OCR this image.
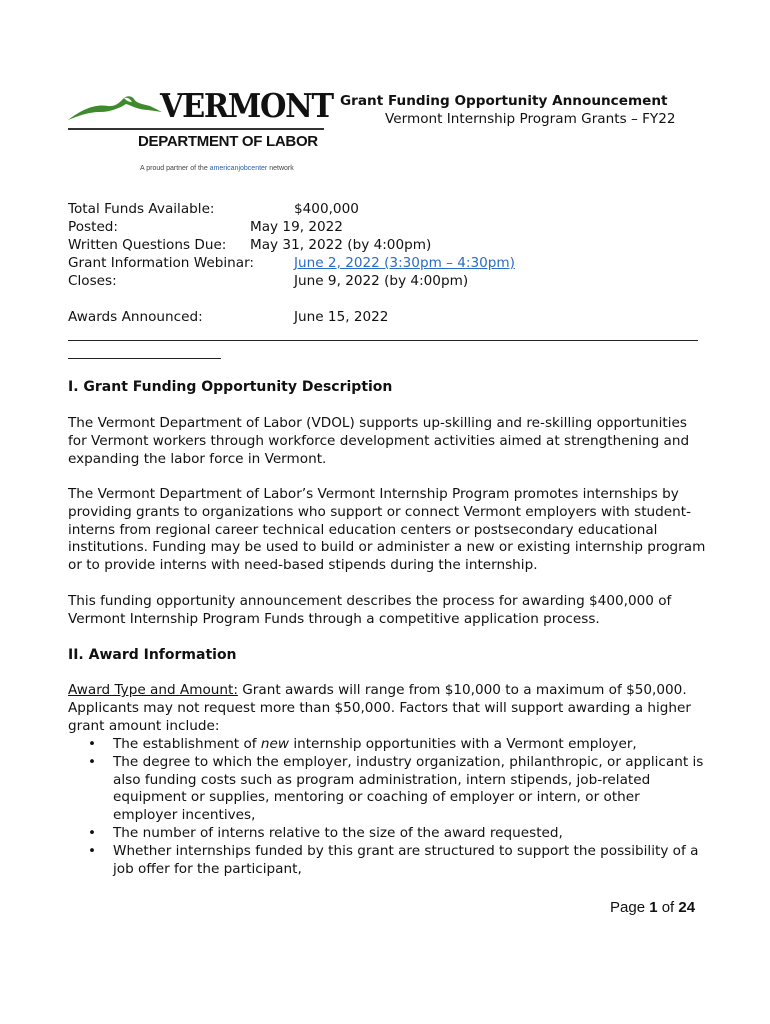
VERMONT
DEPARTMENT OF LABOR
A proud partner of the americanjobcenter network
Grant Funding Opportunity Announcement
Vermont Internship Program Grants – FY22
Total Funds Available:	$400,000
Posted:	May 19, 2022
Written Questions Due: May 31, 2022 (by 4:00pm)
Grant Information Webinar:	June 2, 2022 (3:30pm – 4:30pm)
Closes:	June 9, 2022 (by 4:00pm)
Awards Announced:	June 15, 2022
I. Grant Funding Opportunity Description

The Vermont Department of Labor (VDOL) supports up-skilling and re-skilling opportunities for Vermont workers through workforce development activities aimed at strengthening and expanding the labor force in Vermont.

The Vermont Department of Labor’s Vermont Internship Program promotes internships by providing grants to organizations who support or connect Vermont employers with student-interns from regional career technical education centers or postsecondary educational institutions. Funding may be used to build or administer a new or existing internship program or to provide interns with need-based stipends during the internship.

This funding opportunity announcement describes the process for awarding $400,000 of Vermont Internship Program Funds through a competitive application process.

II. Award Information

Award Type and Amount: Grant awards will range from $10,000 to a maximum of $50,000. Applicants may not request more than $50,000. Factors that will support awarding a higher grant amount include:

• The establishment of new internship opportunities with a Vermont employer,
• The degree to which the employer, industry organization, philanthropic, or applicant is also funding costs such as program administration, intern stipends, job-related equipment or supplies, mentoring or coaching of employer or intern, or other employer incentives,
• The number of interns relative to the size of the award requested,
• Whether internships funded by this grant are structured to support the possibility of a job offer for the participant,
Page 1 of 24
